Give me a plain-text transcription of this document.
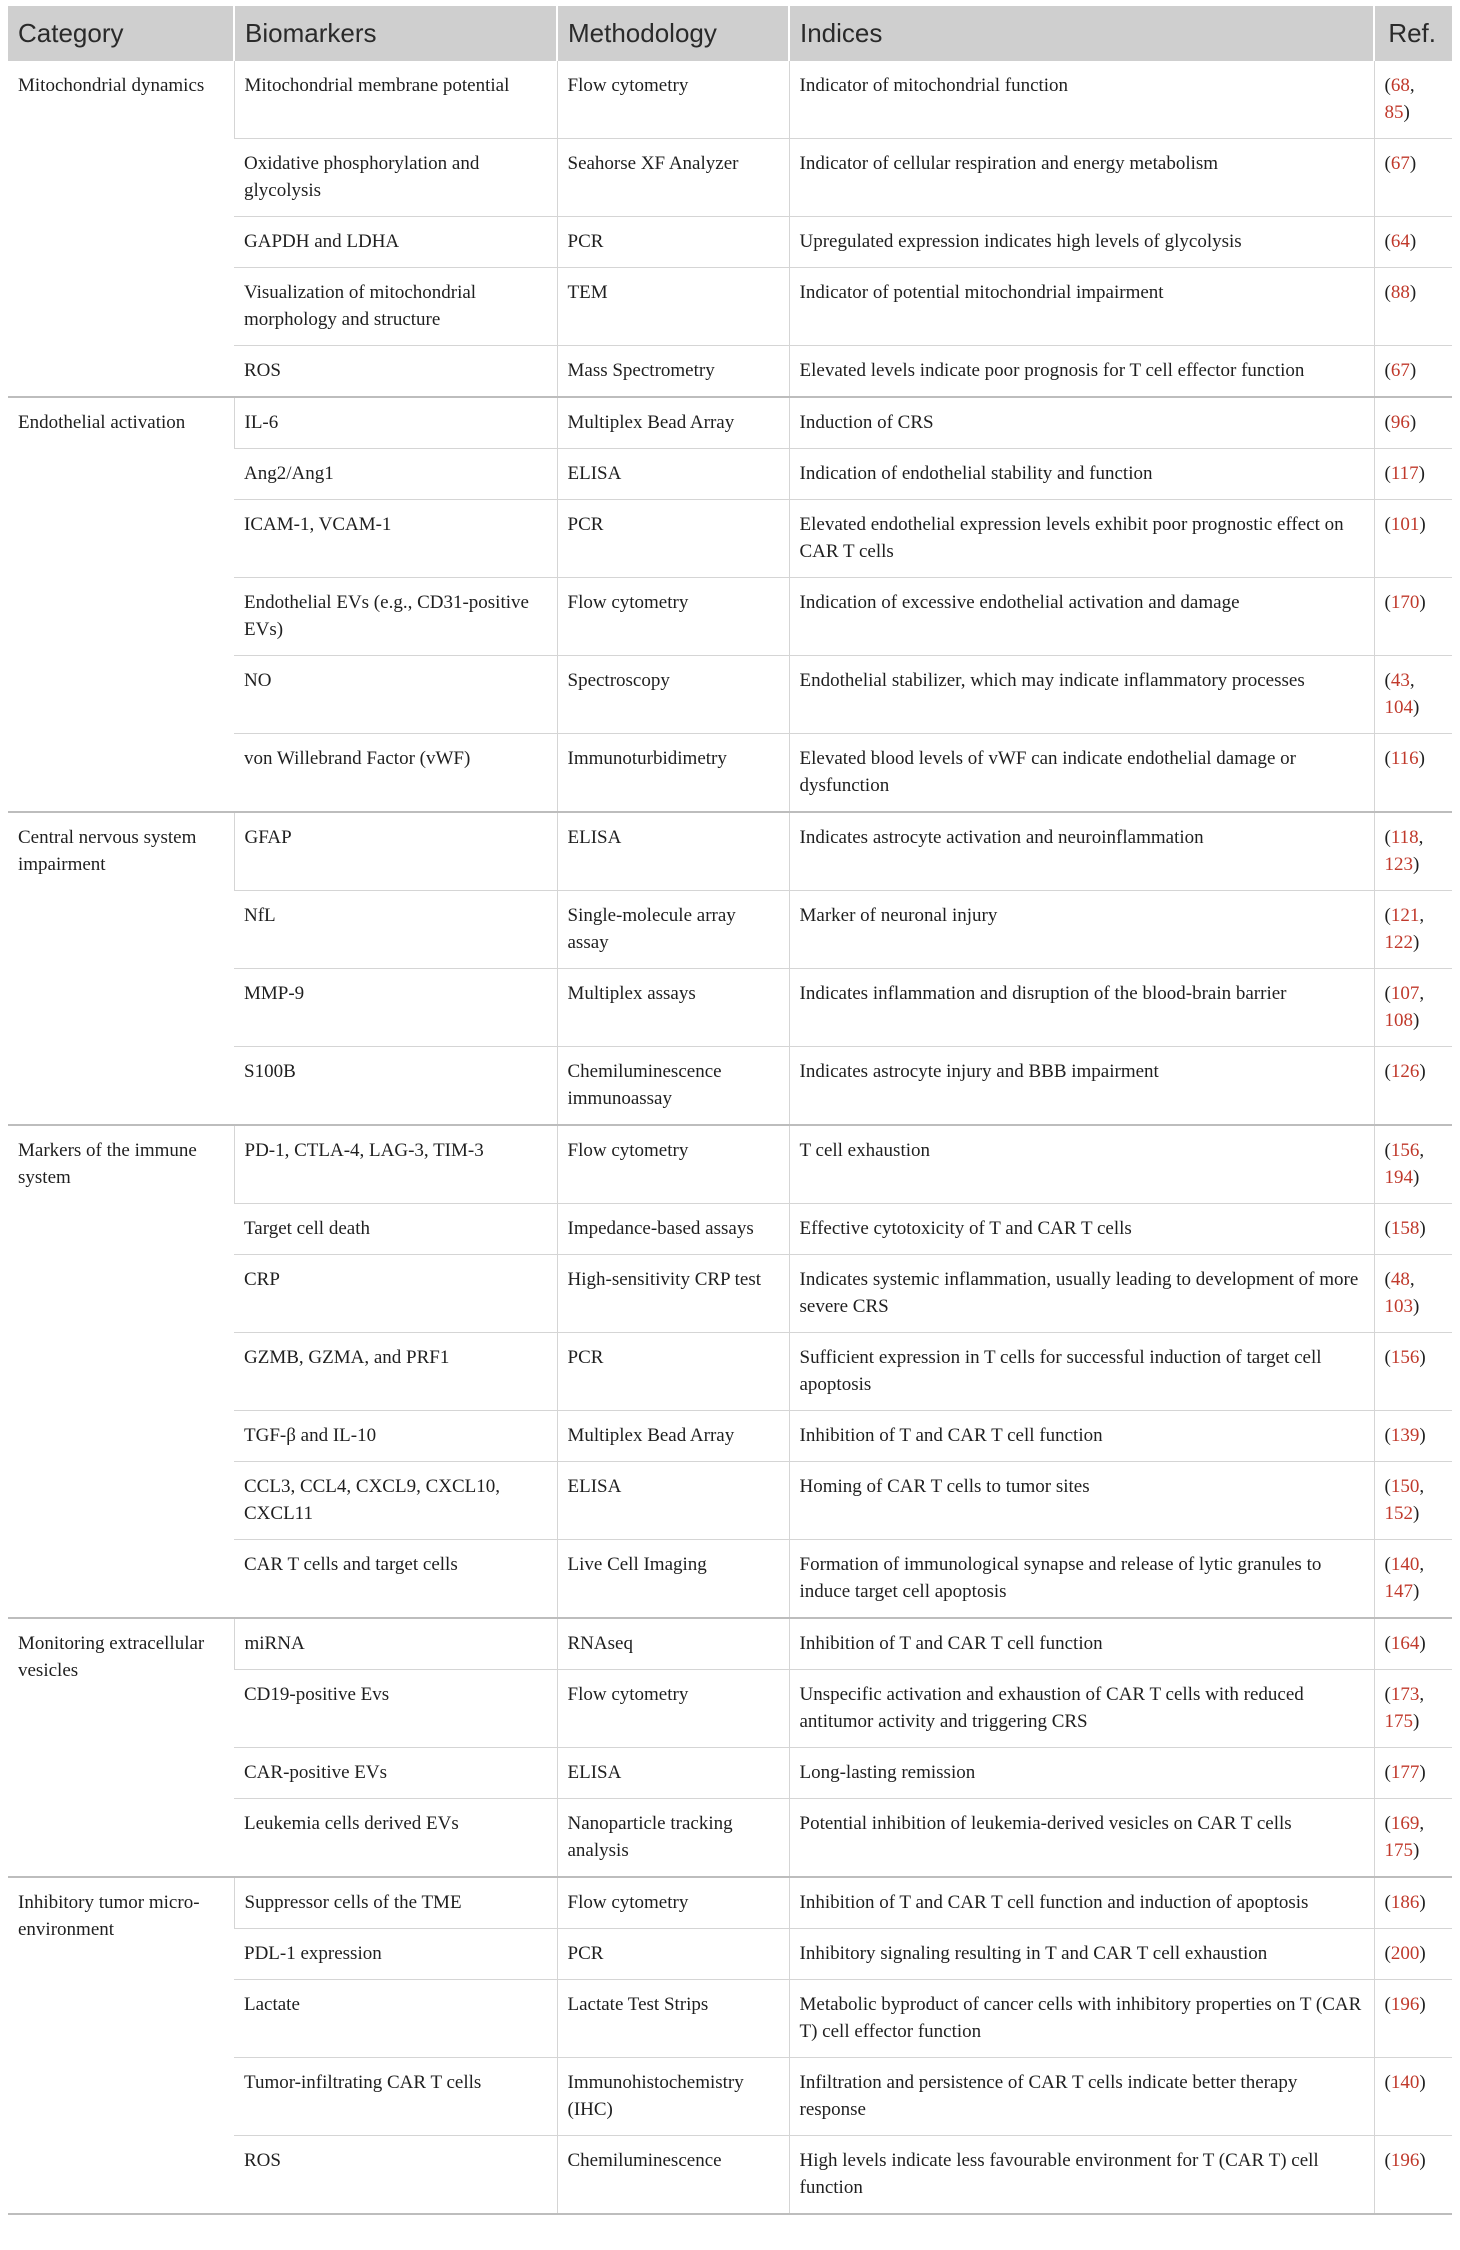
Category	Biomarkers	Methodology	Indices	Ref.
Mitochondrial dynamics	Mitochondrial membrane potential	Flow cytometry	Indicator of mitochondrial function	(68, 85)
	Oxidative phosphorylation and glycolysis	Seahorse XF Analyzer	Indicator of cellular respiration and energy metabolism	(67)
	GAPDH and LDHA	PCR	Upregulated expression indicates high levels of glycolysis	(64)
	Visualization of mitochondrial morphology and structure	TEM	Indicator of potential mitochondrial impairment	(88)
	ROS	Mass Spectrometry	Elevated levels indicate poor prognosis for T cell effector function	(67)
Endothelial activation	IL-6	Multiplex Bead Array	Induction of CRS	(96)
	Ang2/Ang1	ELISA	Indication of endothelial stability and function	(117)
	ICAM-1, VCAM-1	PCR	Elevated endothelial expression levels exhibit poor prognostic effect on CAR T cells	(101)
	Endothelial EVs (e.g., CD31-positive EVs)	Flow cytometry	Indication of excessive endothelial activation and damage	(170)
	NO	Spectroscopy	Endothelial stabilizer, which may indicate inflammatory processes	(43, 104)
	von Willebrand Factor (vWF)	Immunoturbidimetry	Elevated blood levels of vWF can indicate endothelial damage or dysfunction	(116)
Central nervous system impairment	GFAP	ELISA	Indicates astrocyte activation and neuroinflammation	(118, 123)
	NfL	Single-molecule array assay	Marker of neuronal injury	(121, 122)
	MMP-9	Multiplex assays	Indicates inflammation and disruption of the blood-brain barrier	(107, 108)
	S100B	Chemiluminescence immunoassay	Indicates astrocyte injury and BBB impairment	(126)
Markers of the immune system	PD-1, CTLA-4, LAG-3, TIM-3	Flow cytometry	T cell exhaustion	(156, 194)
	Target cell death	Impedance-based assays	Effective cytotoxicity of T and CAR T cells	(158)
	CRP	High-sensitivity CRP test	Indicates systemic inflammation, usually leading to development of more severe CRS	(48, 103)
	GZMB, GZMA, and PRF1	PCR	Sufficient expression in T cells for successful induction of target cell apoptosis	(156)
	TGF-β and IL-10	Multiplex Bead Array	Inhibition of T and CAR T cell function	(139)
	CCL3, CCL4, CXCL9, CXCL10, CXCL11	ELISA	Homing of CAR T cells to tumor sites	(150, 152)
	CAR T cells and target cells	Live Cell Imaging	Formation of immunological synapse and release of lytic granules to induce target cell apoptosis	(140, 147)
Monitoring extracellular vesicles	miRNA	RNAseq	Inhibition of T and CAR T cell function	(164)
	CD19-positive Evs	Flow cytometry	Unspecific activation and exhaustion of CAR T cells with reduced antitumor activity and triggering CRS	(173, 175)
	CAR-positive EVs	ELISA	Long-lasting remission	(177)
	Leukemia cells derived EVs	Nanoparticle tracking analysis	Potential inhibition of leukemia-derived vesicles on CAR T cells	(169, 175)
Inhibitory tumor micro-environment	Suppressor cells of the TME	Flow cytometry	Inhibition of T and CAR T cell function and induction of apoptosis	(186)
	PDL-1 expression	PCR	Inhibitory signaling resulting in T and CAR T cell exhaustion	(200)
	Lactate	Lactate Test Strips	Metabolic byproduct of cancer cells with inhibitory properties on T (CAR T) cell effector function	(196)
	Tumor-infiltrating CAR T cells	Immunohistochemistry (IHC)	Infiltration and persistence of CAR T cells indicate better therapy response	(140)
	ROS	Chemiluminescence	High levels indicate less favourable environment for T (CAR T) cell function	(196)
